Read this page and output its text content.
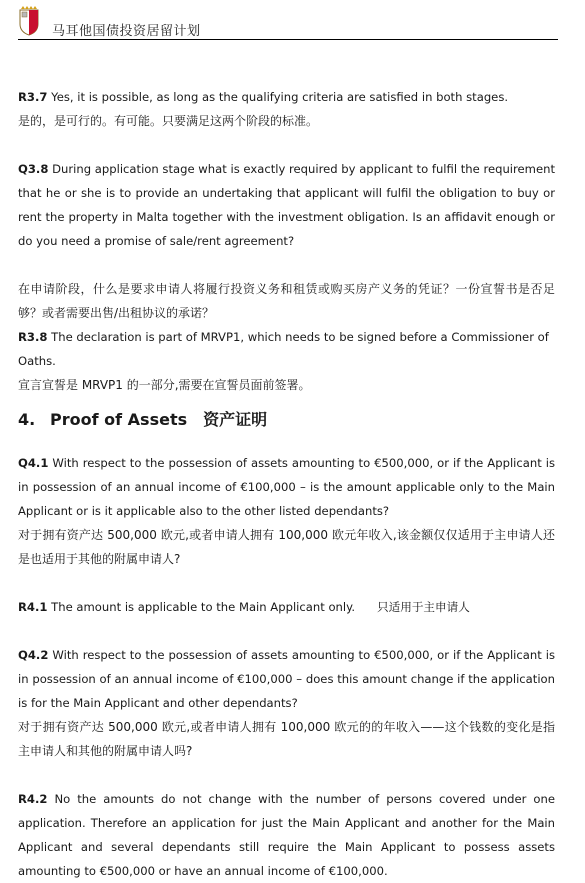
马耳他国债投资居留计划

R3.7 Yes, it is possible, as long as the qualifying criteria are satisfied in both stages.

是的，是可行的。有可能。只要满足这两个阶段的标准。

Q3.8 During application stage what is exactly required by applicant to fulfil the requirement that he or she is to provide an undertaking that applicant will fulfil the obligation to buy or rent the property in Malta together with the investment obligation. Is an affidavit enough or do you need a promise of sale/rent agreement?

在申请阶段，什么是要求申请人将履行投资义务和租赁或购买房产义务的凭证？一份宣誓书是否足够？或者需要出售/出租协议的承诺？

R3.8 The declaration is part of MRVP1, which needs to be signed before a Commissioner of Oaths.

宣言宣誓是 MRVP1 的一部分,需要在宣誓员面前签署。

4. Proof of Assets 资产证明

Q4.1 With respect to the possession of assets amounting to €500,000, or if the Applicant is in possession of an annual income of €100,000 – is the amount applicable only to the Main Applicant or is it applicable also to the other listed dependants?

对于拥有资产达 500,000 欧元,或者申请人拥有 100,000 欧元年收入,该金额仅仅适用于主申请人还是也适用于其他的附属申请人?

R4.1 The amount is applicable to the Main Applicant only. 只适用于主申请人

Q4.2 With respect to the possession of assets amounting to €500,000, or if the Applicant is in possession of an annual income of €100,000 – does this amount change if the application is for the Main Applicant and other dependants?

对于拥有资产达 500,000 欧元,或者申请人拥有 100,000 欧元的的年收入——这个钱数的变化是指主申请人和其他的附属申请人吗?

R4.2 No the amounts do not change with the number of persons covered under one application. Therefore an application for just the Main Applicant and another for the Main Applicant and several dependants still require the Main Applicant to possess assets amounting to €500,000 or have an annual income of €100,000.
